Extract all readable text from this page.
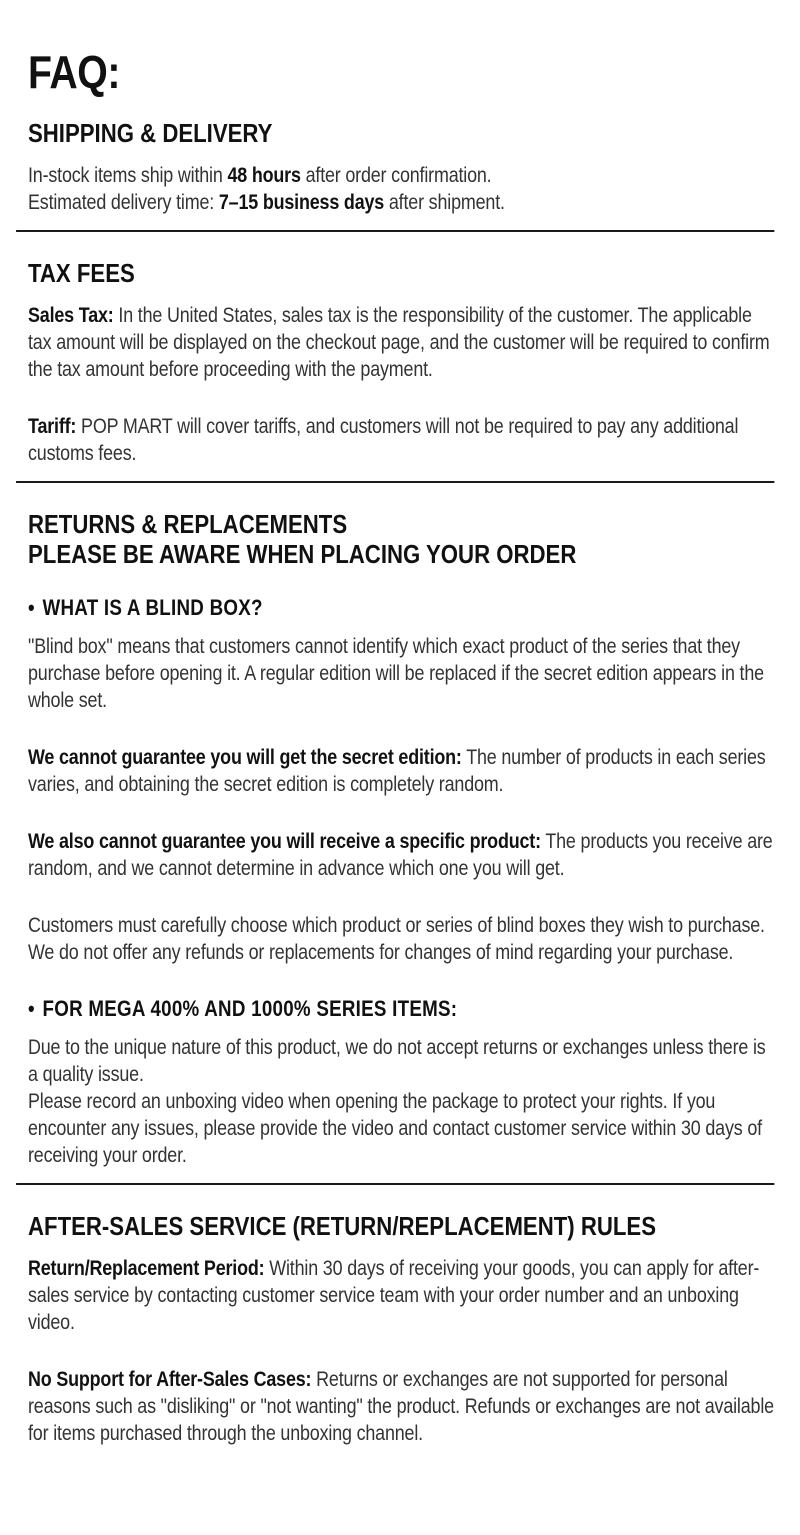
FAQ:
SHIPPING & DELIVERY
In-stock items ship within 48 hours after order confirmation.
Estimated delivery time: 7–15 business days after shipment.
TAX FEES
Sales Tax: In the United States, sales tax is the responsibility of the customer. The applicable tax amount will be displayed on the checkout page, and the customer will be required to confirm the tax amount before proceeding with the payment.
Tariff: POP MART will cover tariffs, and customers will not be required to pay any additional customs fees.
RETURNS & REPLACEMENTS
PLEASE BE AWARE WHEN PLACING YOUR ORDER
• WHAT IS A BLIND BOX?
"Blind box" means that customers cannot identify which exact product of the series that they purchase before opening it. A regular edition will be replaced if the secret edition appears in the whole set.
We cannot guarantee you will get the secret edition: The number of products in each series varies, and obtaining the secret edition is completely random.
We also cannot guarantee you will receive a specific product: The products you receive are random, and we cannot determine in advance which one you will get.
Customers must carefully choose which product or series of blind boxes they wish to purchase. We do not offer any refunds or replacements for changes of mind regarding your purchase.
• FOR MEGA 400% AND 1000% SERIES ITEMS:
Due to the unique nature of this product, we do not accept returns or exchanges unless there is a quality issue.
Please record an unboxing video when opening the package to protect your rights. If you encounter any issues, please provide the video and contact customer service within 30 days of receiving your order.
AFTER-SALES SERVICE (RETURN/REPLACEMENT) RULES
Return/Replacement Period: Within 30 days of receiving your goods, you can apply for after-sales service by contacting customer service team with your order number and an unboxing video.
No Support for After-Sales Cases: Returns or exchanges are not supported for personal reasons such as "disliking" or "not wanting" the product. Refunds or exchanges are not available for items purchased through the unboxing channel.
